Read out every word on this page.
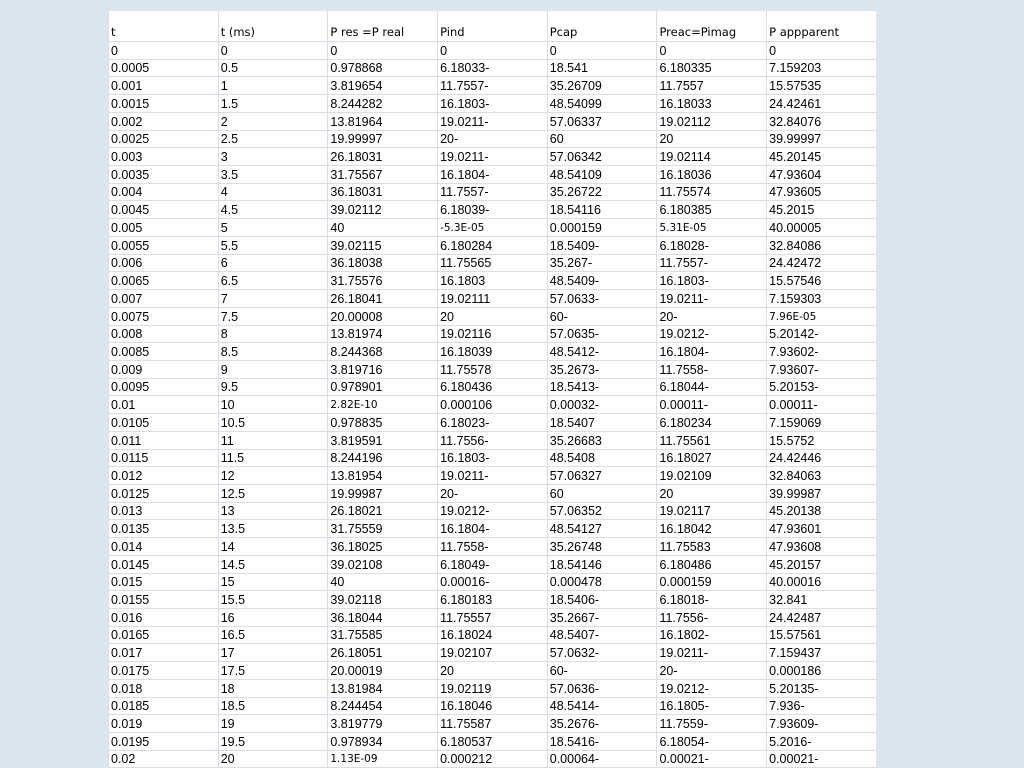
t	t (ms)	P res =P real	Pind	Pcap	Preac=Pimag	P appparent
0	0	0	0	0	0	0
0.0005	0.5	0.978868	6.18033-	18.541	6.180335	7.159203
0.001	1	3.819654	11.7557-	35.26709	11.7557	15.57535
0.0015	1.5	8.244282	16.1803-	48.54099	16.18033	24.42461
0.002	2	13.81964	19.0211-	57.06337	19.02112	32.84076
0.0025	2.5	19.99997	20-	60	20	39.99997
0.003	3	26.18031	19.0211-	57.06342	19.02114	45.20145
0.0035	3.5	31.75567	16.1804-	48.54109	16.18036	47.93604
0.004	4	36.18031	11.7557-	35.26722	11.75574	47.93605
0.0045	4.5	39.02112	6.18039-	18.54116	6.180385	45.2015
0.005	5	40	-5.3E-05	0.000159	5.31E-05	40.00005
0.0055	5.5	39.02115	6.180284	18.5409-	6.18028-	32.84086
0.006	6	36.18038	11.75565	35.267-	11.7557-	24.42472
0.0065	6.5	31.75576	16.1803	48.5409-	16.1803-	15.57546
0.007	7	26.18041	19.02111	57.0633-	19.0211-	7.159303
0.0075	7.5	20.00008	20	60-	20-	7.96E-05
0.008	8	13.81974	19.02116	57.0635-	19.0212-	5.20142-
0.0085	8.5	8.244368	16.18039	48.5412-	16.1804-	7.93602-
0.009	9	3.819716	11.75578	35.2673-	11.7558-	7.93607-
0.0095	9.5	0.978901	6.180436	18.5413-	6.18044-	5.20153-
0.01	10	2.82E-10	0.000106	0.00032-	0.00011-	0.00011-
0.0105	10.5	0.978835	6.18023-	18.5407	6.180234	7.159069
0.011	11	3.819591	11.7556-	35.26683	11.75561	15.5752
0.0115	11.5	8.244196	16.1803-	48.5408	16.18027	24.42446
0.012	12	13.81954	19.0211-	57.06327	19.02109	32.84063
0.0125	12.5	19.99987	20-	60	20	39.99987
0.013	13	26.18021	19.0212-	57.06352	19.02117	45.20138
0.0135	13.5	31.75559	16.1804-	48.54127	16.18042	47.93601
0.014	14	36.18025	11.7558-	35.26748	11.75583	47.93608
0.0145	14.5	39.02108	6.18049-	18.54146	6.180486	45.20157
0.015	15	40	0.00016-	0.000478	0.000159	40.00016
0.0155	15.5	39.02118	6.180183	18.5406-	6.18018-	32.841
0.016	16	36.18044	11.75557	35.2667-	11.7556-	24.42487
0.0165	16.5	31.75585	16.18024	48.5407-	16.1802-	15.57561
0.017	17	26.18051	19.02107	57.0632-	19.0211-	7.159437
0.0175	17.5	20.00019	20	60-	20-	0.000186
0.018	18	13.81984	19.02119	57.0636-	19.0212-	5.20135-
0.0185	18.5	8.244454	16.18046	48.5414-	16.1805-	7.936-
0.019	19	3.819779	11.75587	35.2676-	11.7559-	7.93609-
0.0195	19.5	0.978934	6.180537	18.5416-	6.18054-	5.2016-
0.02	20	1.13E-09	0.000212	0.00064-	0.00021-	0.00021-
